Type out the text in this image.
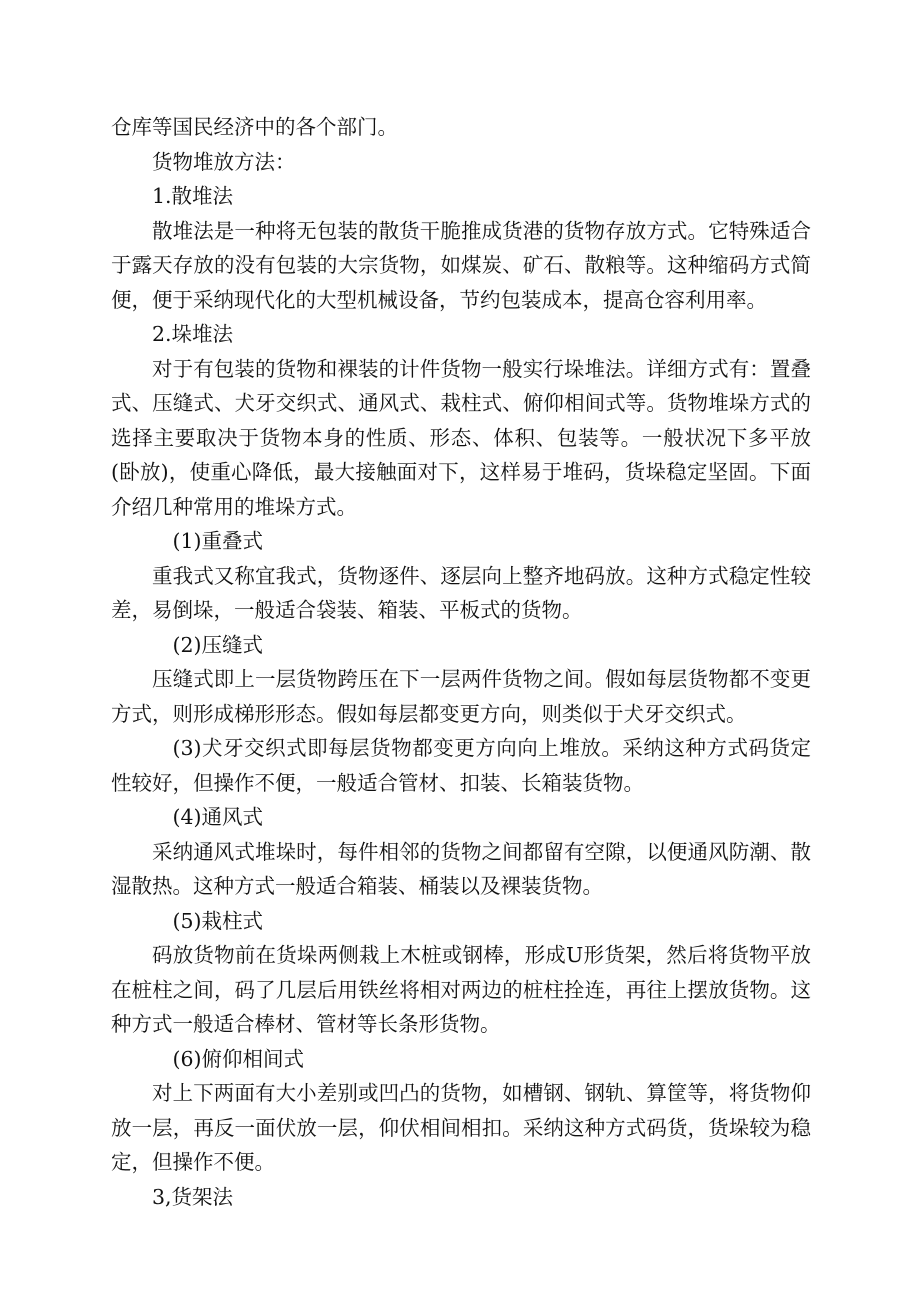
仓库等国民经济中的各个部门。

货物堆放方法：

1.散堆法

散堆法是一种将无包装的散货干脆推成货港的货物存放方式。它特殊适合于露天存放的没有包装的大宗货物，如煤炭、矿石、散粮等。这种缩码方式简便，便于采纳现代化的大型机械设备，节约包装成本，提高仓容利用率。

2.垛堆法

对于有包装的货物和裸装的计件货物一般实行垛堆法。详细方式有：置叠式、压缝式、犬牙交织式、通风式、栽柱式、俯仰相间式等。货物堆垛方式的选择主要取决于货物本身的性质、形态、体积、包装等。一般状况下多平放(卧放)，使重心降低，最大接触面对下，这样易于堆码，货垛稳定坚固。下面介绍几种常用的堆垛方式。

(1)重叠式

重我式又称宜我式，货物逐件、逐层向上整齐地码放。这种方式稳定性较差，易倒垛，一般适合袋装、箱装、平板式的货物。

(2)压缝式

压缝式即上一层货物跨压在下一层两件货物之间。假如每层货物都不变更方式，则形成梯形形态。假如每层都变更方向，则类似于犬牙交织式。

(3)犬牙交织式即每层货物都变更方向向上堆放。采纳这种方式码货定性较好，但操作不便，一般适合管材、扣装、长箱装货物。

(4)通风式

采纳通风式堆垛时，每件相邻的货物之间都留有空隙，以便通风防潮、散湿散热。这种方式一般适合箱装、桶装以及裸装货物。

(5)栽柱式

码放货物前在货垛两侧栽上木桩或钢棒，形成U形货架，然后将货物平放在桩柱之间，码了几层后用铁丝将相对两边的桩柱拴连，再往上摆放货物。这种方式一般适合棒材、管材等长条形货物。

(6)俯仰相间式

对上下两面有大小差别或凹凸的货物，如槽钢、钢轨、算筐等，将货物仰放一层，再反一面伏放一层，仰伏相间相扣。采纳这种方式码货，货垛较为稳定，但操作不便。

3,货架法
